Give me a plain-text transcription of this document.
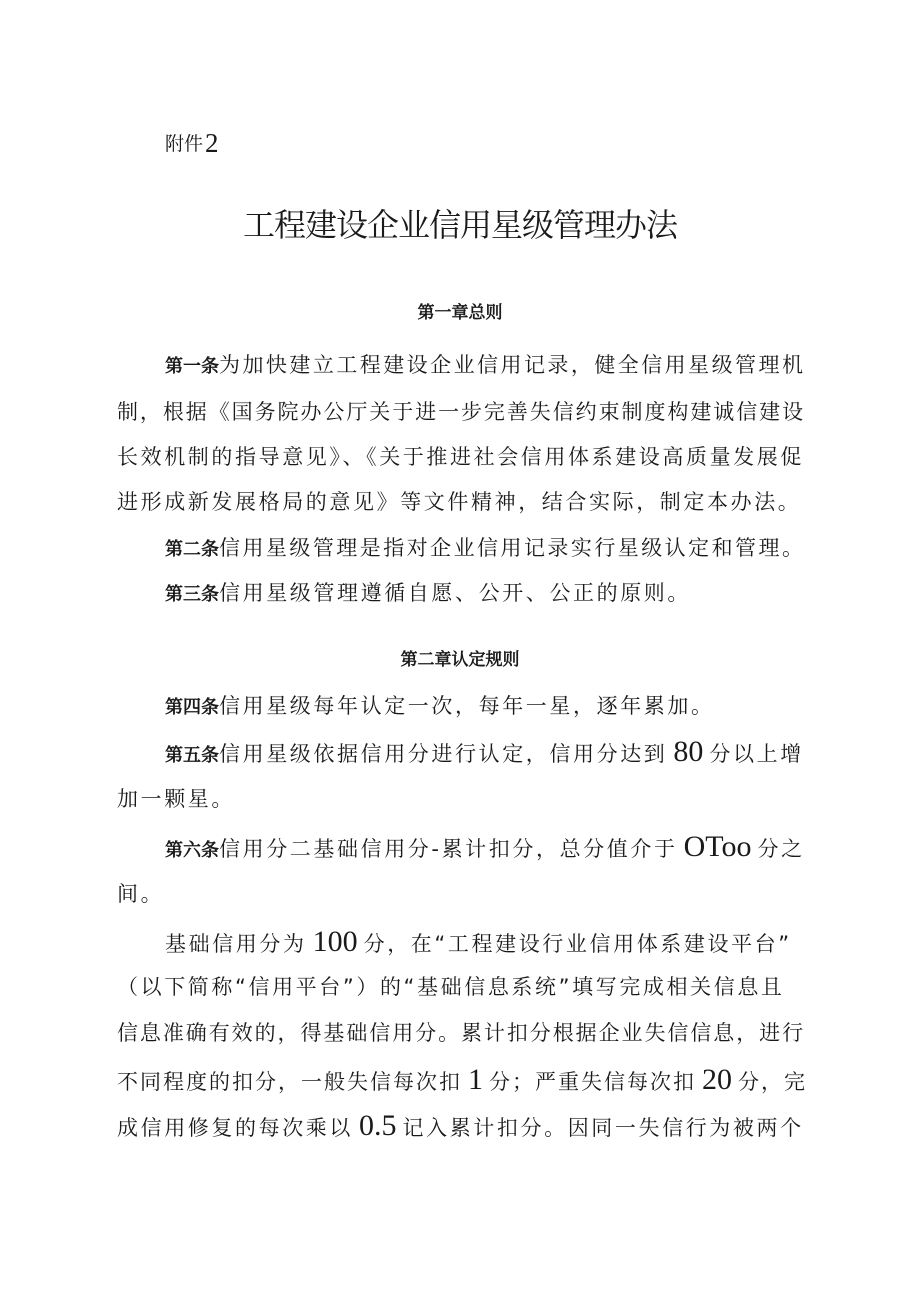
附件2
工程建设企业信用星级管理办法
第一章总则

第一条为加快建立工程建设企业信用记录，健全信用星级管理机

制，根据《国务院办公厅关于进一步完善失信约束制度构建诚信建设

长效机制的指导意见》、《关于推进社会信用体系建设高质量发展促

进形成新发展格局的意见》等文件精神，结合实际，制定本办法。

第二条信用星级管理是指对企业信用记录实行星级认定和管理。

第三条信用星级管理遵循自愿、公开、公正的原则。

第二章认定规则

第四条信用星级每年认定一次，每年一星，逐年累加。

第五条信用星级依据信用分进行认定，信用分达到 80 分以上增

加一颗星。

第六条信用分二基础信用分-累计扣分，总分值介于 OToo 分之

间。

基础信用分为 100 分，在“工程建设行业信用体系建设平台”

（以下简称“信用平台”）的“基础信息系统”填写完成相关信息且

信息准确有效的，得基础信用分。累计扣分根据企业失信信息，进行

不同程度的扣分，一般失信每次扣 1 分；严重失信每次扣 20 分，完

成信用修复的每次乘以 0.5 记入累计扣分。因同一失信行为被两个
